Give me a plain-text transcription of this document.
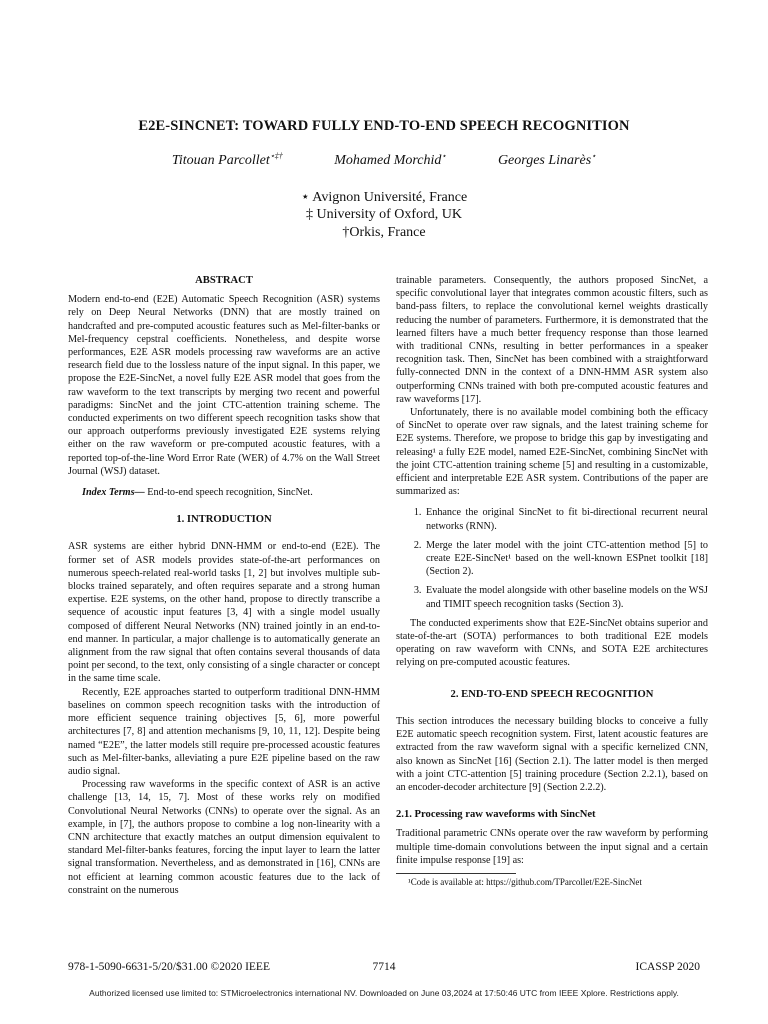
E2E-SINCNET: TOWARD FULLY END-TO-END SPEECH RECOGNITION
Titouan Parcollet⋆‡†	Mohamed Morchid⋆	Georges Linarès⋆
⋆ Avignon Université, France
‡ University of Oxford, UK
†Orkis, France
ABSTRACT

Modern end-to-end (E2E) Automatic Speech Recognition (ASR) systems rely on Deep Neural Networks (DNN) that are mostly trained on handcrafted and pre-computed acoustic features such as Mel-filter-banks or Mel-frequency cepstral coefficients. Nonetheless, and despite worse performances, E2E ASR models processing raw waveforms are an active research field due to the lossless nature of the input signal. In this paper, we propose the E2E-SincNet, a novel fully E2E ASR model that goes from the raw waveform to the text transcripts by merging two recent and powerful paradigms: SincNet and the joint CTC-attention training scheme. The conducted experiments on two different speech recognition tasks show that our approach outperforms previously investigated E2E systems relying either on the raw waveform or pre-computed acoustic features, with a reported top-of-the-line Word Error Rate (WER) of 4.7% on the Wall Street Journal (WSJ) dataset.

Index Terms— End-to-end speech recognition, SincNet.

1. INTRODUCTION

ASR systems are either hybrid DNN-HMM or end-to-end (E2E). The former set of ASR models provides state-of-the-art performances on numerous speech-related real-world tasks [1, 2] but involves multiple sub-blocks trained separately, and often requires separate and a strong human expertise. E2E systems, on the other hand, propose to directly transcribe a sequence of acoustic input features [3, 4] with a single model usually composed of different Neural Networks (NN) trained jointly in an end-to-end manner. In particular, a major challenge is to automatically generate an alignment from the raw signal that often contains several thousands of data point per second, to the text, only consisting of a single character or concept in the same time scale.

Recently, E2E approaches started to outperform traditional DNN-HMM baselines on common speech recognition tasks with the introduction of more efficient sequence training objectives [5, 6], more powerful architectures [7, 8] and attention mechanisms [9, 10, 11, 12]. Despite being named “E2E”, the latter models still require pre-processed acoustic features such as Mel-filter-banks, alleviating a pure E2E pipeline based on the raw audio signal.

Processing raw waveforms in the specific context of ASR is an active challenge [13, 14, 15, 7]. Most of these works rely on modified Convolutional Neural Networks (CNNs) to operate over the signal. As an example, in [7], the authors propose to combine a log non-linearity with a CNN architecture that exactly matches an output dimension equivalent to standard Mel-filter-banks features, forcing the input layer to learn the latter signal transformation. Nevertheless, and as demonstrated in [16], CNNs are not efficient at learning common acoustic features due to the lack of constraint on the numerous

trainable parameters. Consequently, the authors proposed SincNet, a specific convolutional layer that integrates common acoustic filters, such as band-pass filters, to replace the convolutional kernel weights drastically reducing the number of parameters. Furthermore, it is demonstrated that the learned filters have a much better frequency response than those learned with traditional CNNs, resulting in better performances in a speaker recognition task. Then, SincNet has been combined with a straightforward fully-connected DNN in the context of a DNN-HMM ASR system also outperforming CNNs trained with both pre-computed acoustic features and raw waveforms [17].

Unfortunately, there is no available model combining both the efficacy of SincNet to operate over raw signals, and the latest training scheme for E2E systems. Therefore, we propose to bridge this gap by investigating and releasing¹ a fully E2E model, named E2E-SincNet, combining SincNet with the joint CTC-attention training scheme [5] and resulting in a customizable, efficient and interpretable E2E ASR system. Contributions of the paper are summarized as:

1. Enhance the original SincNet to fit bi-directional recurrent neural networks (RNN).
2. Merge the later model with the joint CTC-attention method [5] to create E2E-SincNet¹ based on the well-known ESPnet toolkit [18] (Section 2).
3. Evaluate the model alongside with other baseline models on the WSJ and TIMIT speech recognition tasks (Section 3).

The conducted experiments show that E2E-SincNet obtains superior and state-of-the-art (SOTA) performances to both traditional E2E models operating on raw waveform with CNNs, and SOTA E2E architectures relying on pre-computed acoustic features.

2. END-TO-END SPEECH RECOGNITION

This section introduces the necessary building blocks to conceive a fully E2E automatic speech recognition system. First, latent acoustic features are extracted from the raw waveform signal with a specific kernelized CNN, also known as SincNet [16] (Section 2.1). The latter model is then merged with a joint CTC-attention [5] training procedure (Section 2.2.1), based on an encoder-decoder architecture [9] (Section 2.2.2).

2.1. Processing raw waveforms with SincNet

Traditional parametric CNNs operate over the raw waveform by performing multiple time-domain convolutions between the input signal and a certain finite impulse response [19] as:

¹Code is available at: https://github.com/TParcollet/E2E-SincNet
978-1-5090-6631-5/20/$31.00 ©2020 IEEE	7714	ICASSP 2020
Authorized licensed use limited to: STMicroelectronics international NV. Downloaded on June 03,2024 at 17:50:46 UTC from IEEE Xplore. Restrictions apply.
